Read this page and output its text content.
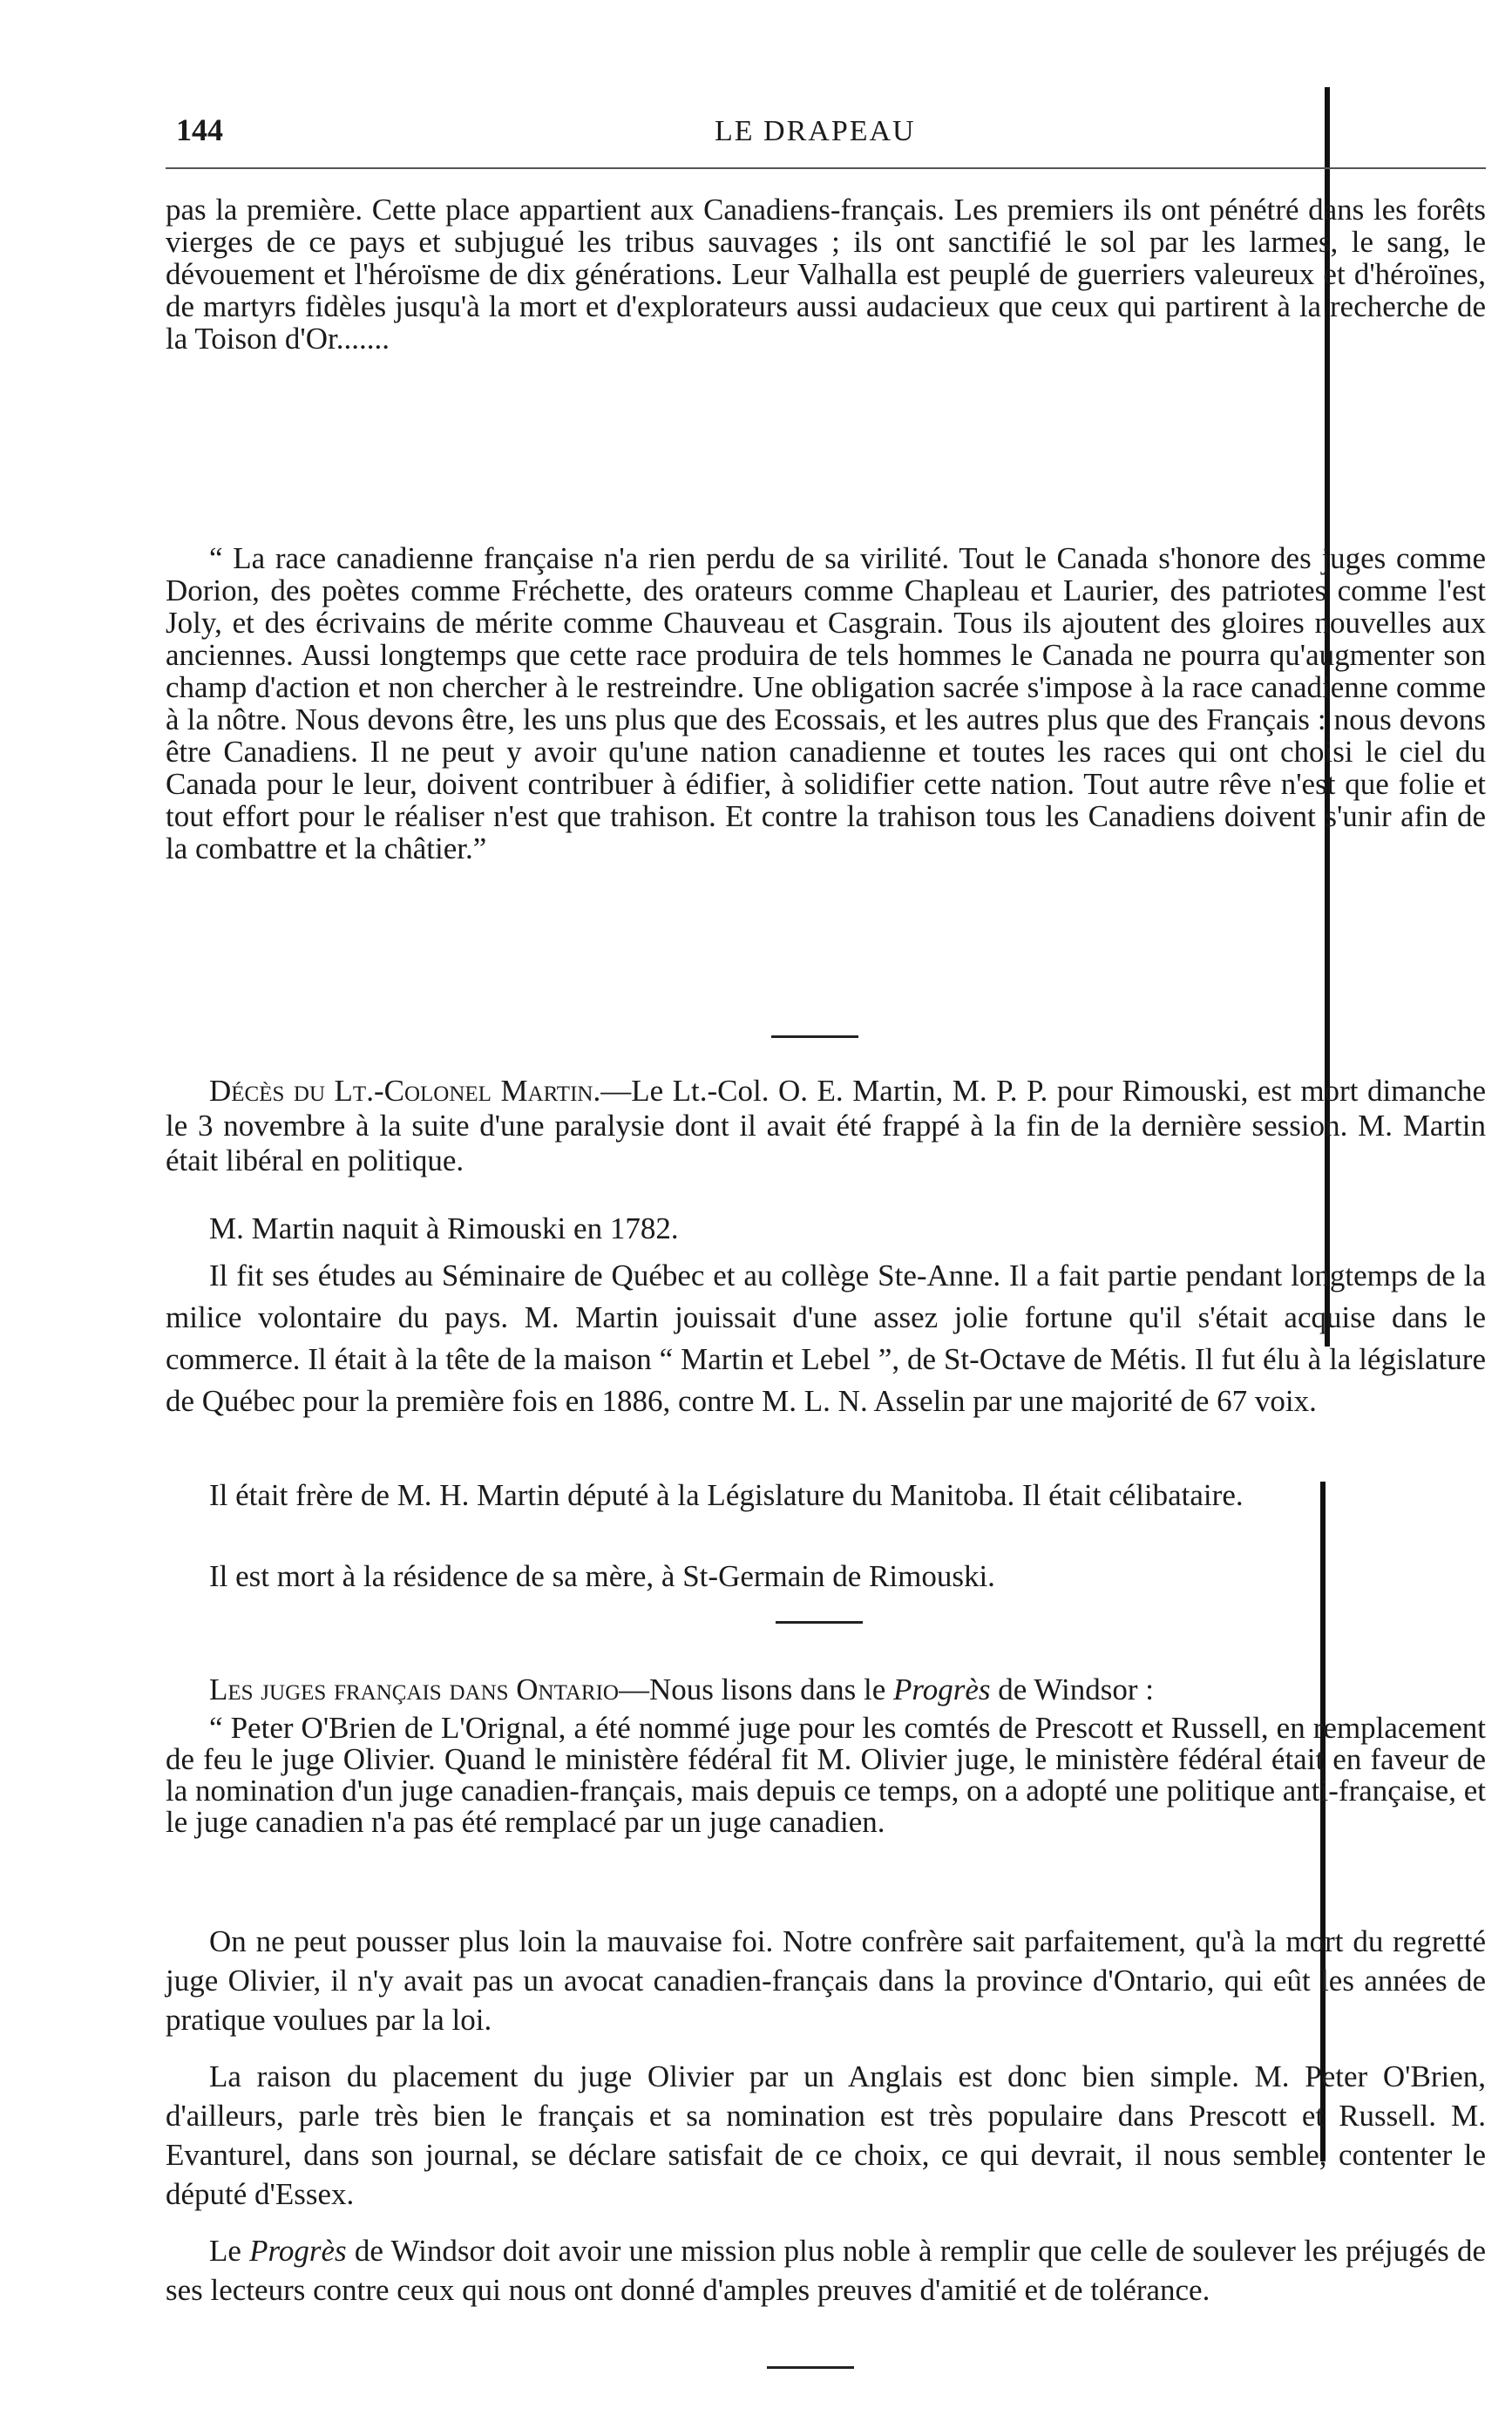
144	LE DRAPEAU

pas la première. Cette place appartient aux Canadiens-français. Les premiers ils ont pénétré dans les forêts vierges de ce pays et subjugué les tribus sauvages ; ils ont sanctifié le sol par les larmes, le sang, le dévouement et l'héroïsme de dix générations. Leur Valhalla est peuplé de guerriers valeureux et d'héroïnes, de martyrs fidèles jusqu'à la mort et d'explorateurs aussi audacieux que ceux qui partirent à la recherche de la Toison d'Or.......

“ La race canadienne française n'a rien perdu de sa virilité. Tout le Canada s'honore des juges comme Dorion, des poètes comme Fréchette, des orateurs comme Chapleau et Laurier, des patriotes comme l'est Joly, et des écrivains de mérite comme Chauveau et Casgrain. Tous ils ajoutent des gloires nouvelles aux anciennes. Aussi longtemps que cette race produira de tels hommes le Canada ne pourra qu'augmenter son champ d'action et non chercher à le restreindre. Une obligation sacrée s'impose à la race canadienne comme à la nôtre. Nous devons être, les uns plus que des Ecossais, et les autres plus que des Français : nous devons être Canadiens. Il ne peut y avoir qu'une nation canadienne et toutes les races qui ont choisi le ciel du Canada pour le leur, doivent contribuer à édifier, à solidifier cette nation. Tout autre rêve n'est que folie et tout effort pour le réaliser n'est que trahison. Et contre la trahison tous les Canadiens doivent s'unir afin de la combattre et la châtier.”

Décès du Lt.-Colonel Martin.—Le Lt.-Col. O. E. Martin, M. P. P. pour Rimouski, est mort dimanche le 3 novembre à la suite d'une paralysie dont il avait été frappé à la fin de la dernière session. M. Martin était libéral en politique.

M. Martin naquit à Rimouski en 1782.

Il fit ses études au Séminaire de Québec et au collège Ste-Anne. Il a fait partie pendant longtemps de la milice volontaire du pays. M. Martin jouissait d'une assez jolie fortune qu'il s'était acquise dans le commerce. Il était à la tête de la maison “ Martin et Lebel ”, de St-Octave de Métis. Il fut élu à la législature de Québec pour la première fois en 1886, contre M. L. N. Asselin par une majorité de 67 voix.

Il était frère de M. H. Martin député à la Législature du Manitoba. Il était célibataire.

Il est mort à la résidence de sa mère, à St-Germain de Rimouski.

Les juges français dans Ontario—Nous lisons dans le Progrès de Windsor :

“ Peter O'Brien de L'Orignal, a été nommé juge pour les comtés de Prescott et Russell, en remplacement de feu le juge Olivier. Quand le ministère fédéral fit M. Olivier juge, le ministère fédéral était en faveur de la nomination d'un juge canadien-français, mais depuis ce temps, on a adopté une politique anti-française, et le juge canadien n'a pas été remplacé par un juge canadien.

On ne peut pousser plus loin la mauvaise foi. Notre confrère sait parfaitement, qu'à la mort du regretté juge Olivier, il n'y avait pas un avocat canadien-français dans la province d'Ontario, qui eût les années de pratique voulues par la loi.

La raison du placement du juge Olivier par un Anglais est donc bien simple. M. Peter O'Brien, d'ailleurs, parle très bien le français et sa nomination est très populaire dans Prescott et Russell. M. Evanturel, dans son journal, se déclare satisfait de ce choix, ce qui devrait, il nous semble, contenter le député d'Essex.

Le Progrès de Windsor doit avoir une mission plus noble à remplir que celle de soulever les préjugés de ses lecteurs contre ceux qui nous ont donné d'amples preuves d'amitié et de tolérance.
